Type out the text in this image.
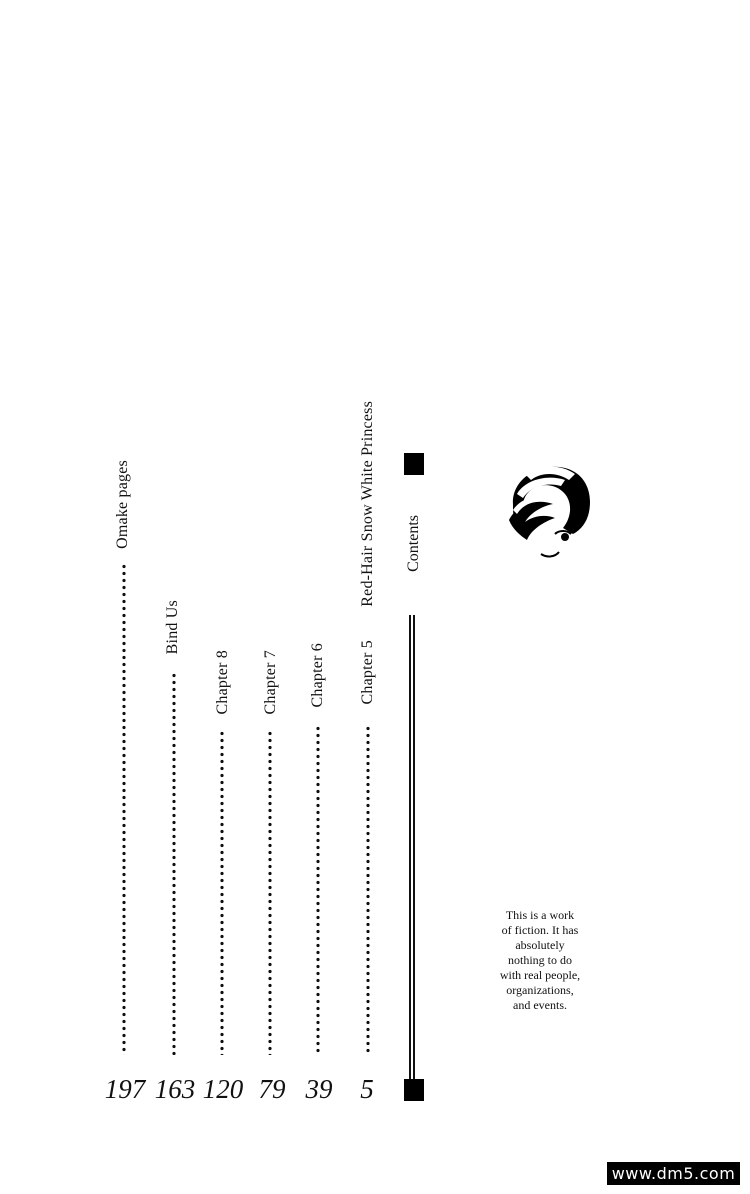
Omake pages
197
Bind Us
163
Chapter 8
120
Chapter 7
79
Chapter 6
39
Red-Hair Snow White Princess
Chapter 5
5
Contents
This is a work
of fiction. It has
absolutely
nothing to do
with real people,
organizations,
and events.
www.dm5.com
